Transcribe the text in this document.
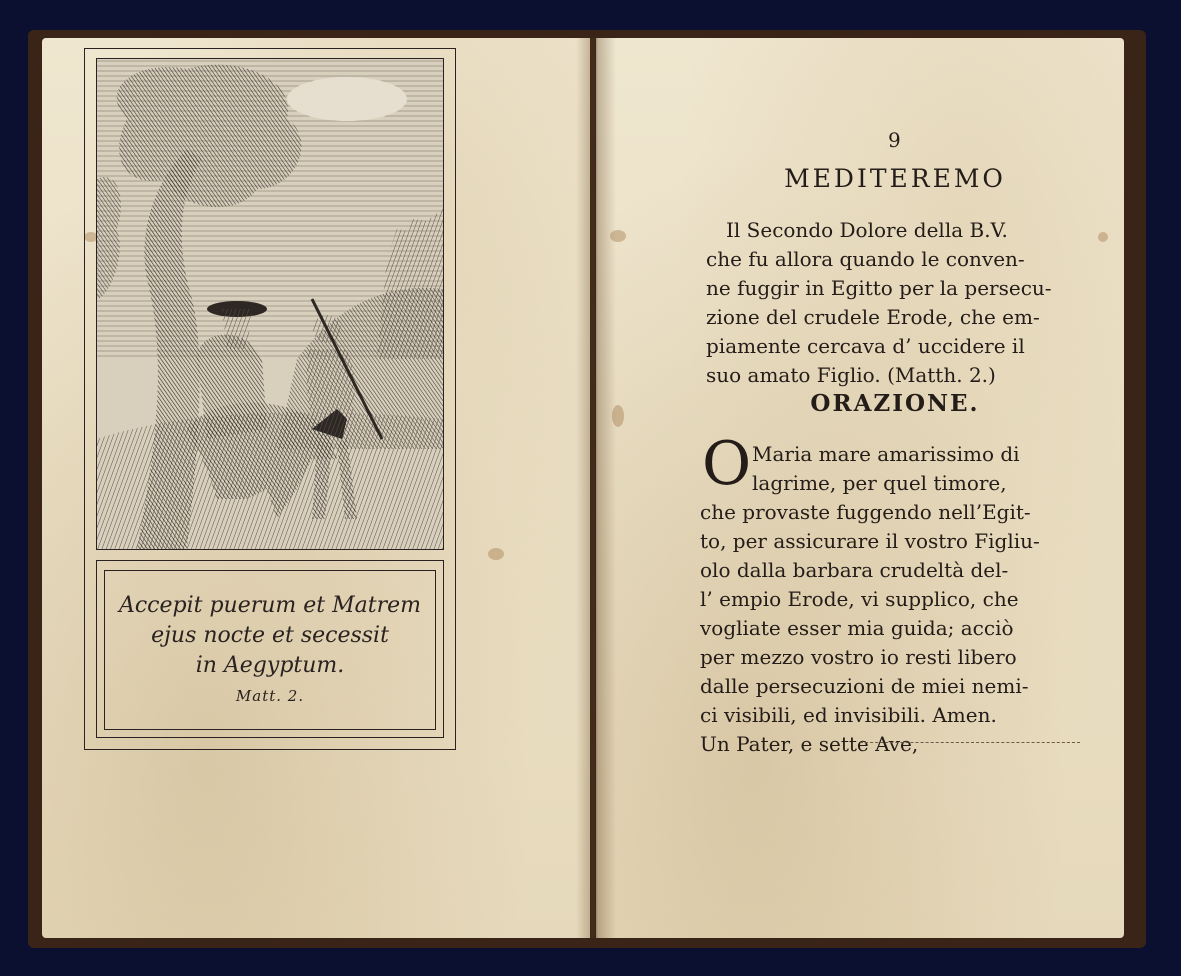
Accepit puerum et Matrem
ejus nocte et secessit
in Aegyptum.
Matt. 2.
9
MEDITEREMO
Il Secondo Dolore della B.V.
che fu allora quando le conven-
ne fuggir in Egitto per la persecu-
zione del crudele Erode, che em-
piamente cercava d’ uccidere il
suo amato Figlio. (Matth. 2.)
ORAZIONE.
O Maria mare amarissimo di
lagrime, per quel timore,
che provaste fuggendo nell’Egit-
to, per assicurare il vostro Figliu-
olo dalla barbara crudeltà del-
l’ empio Erode, vi supplico, che
vogliate esser mia guida; acciò
per mezzo vostro io resti libero
dalle persecuzioni de miei nemi-
ci visibili, ed invisibili. Amen.
Un Pater, e sette Ave,
